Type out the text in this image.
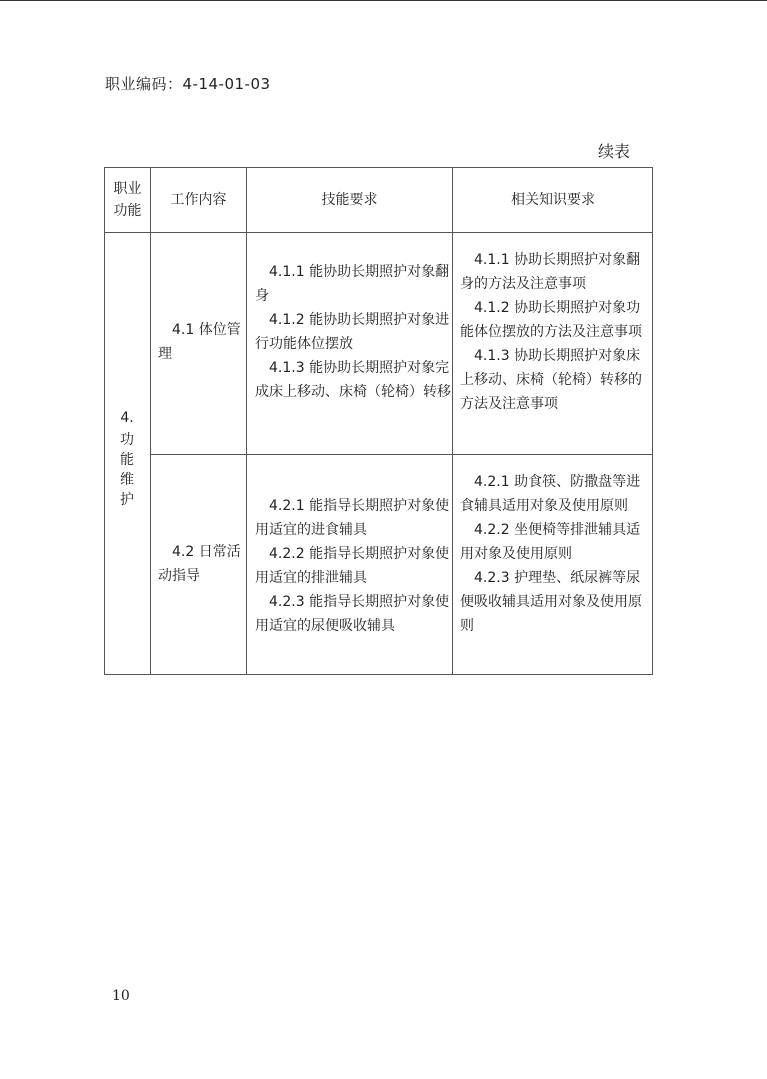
职业编码：4-14-01-03
续表
职业
功能
工作内容	技能要求	相关知识要求
4.
功能维护
4.1 体位管理
4.1.1 能协助长期照护对象翻身
4.1.2 能协助长期照护对象进行功能体位摆放
4.1.3 能协助长期照护对象完成床上移动、床椅（轮椅）转移
4.1.1 协助长期照护对象翻身的方法及注意事项
4.1.2 协助长期照护对象功能体位摆放的方法及注意事项
4.1.3 协助长期照护对象床上移动、床椅（轮椅）转移的方法及注意事项
4.2 日常活动指导
4.2.1 能指导长期照护对象使用适宜的进食辅具
4.2.2 能指导长期照护对象使用适宜的排泄辅具
4.2.3 能指导长期照护对象使用适宜的尿便吸收辅具
4.2.1 助食筷、防撒盘等进食辅具适用对象及使用原则
4.2.2 坐便椅等排泄辅具适用对象及使用原则
4.2.3 护理垫、纸尿裤等尿便吸收辅具适用对象及使用原则
10
